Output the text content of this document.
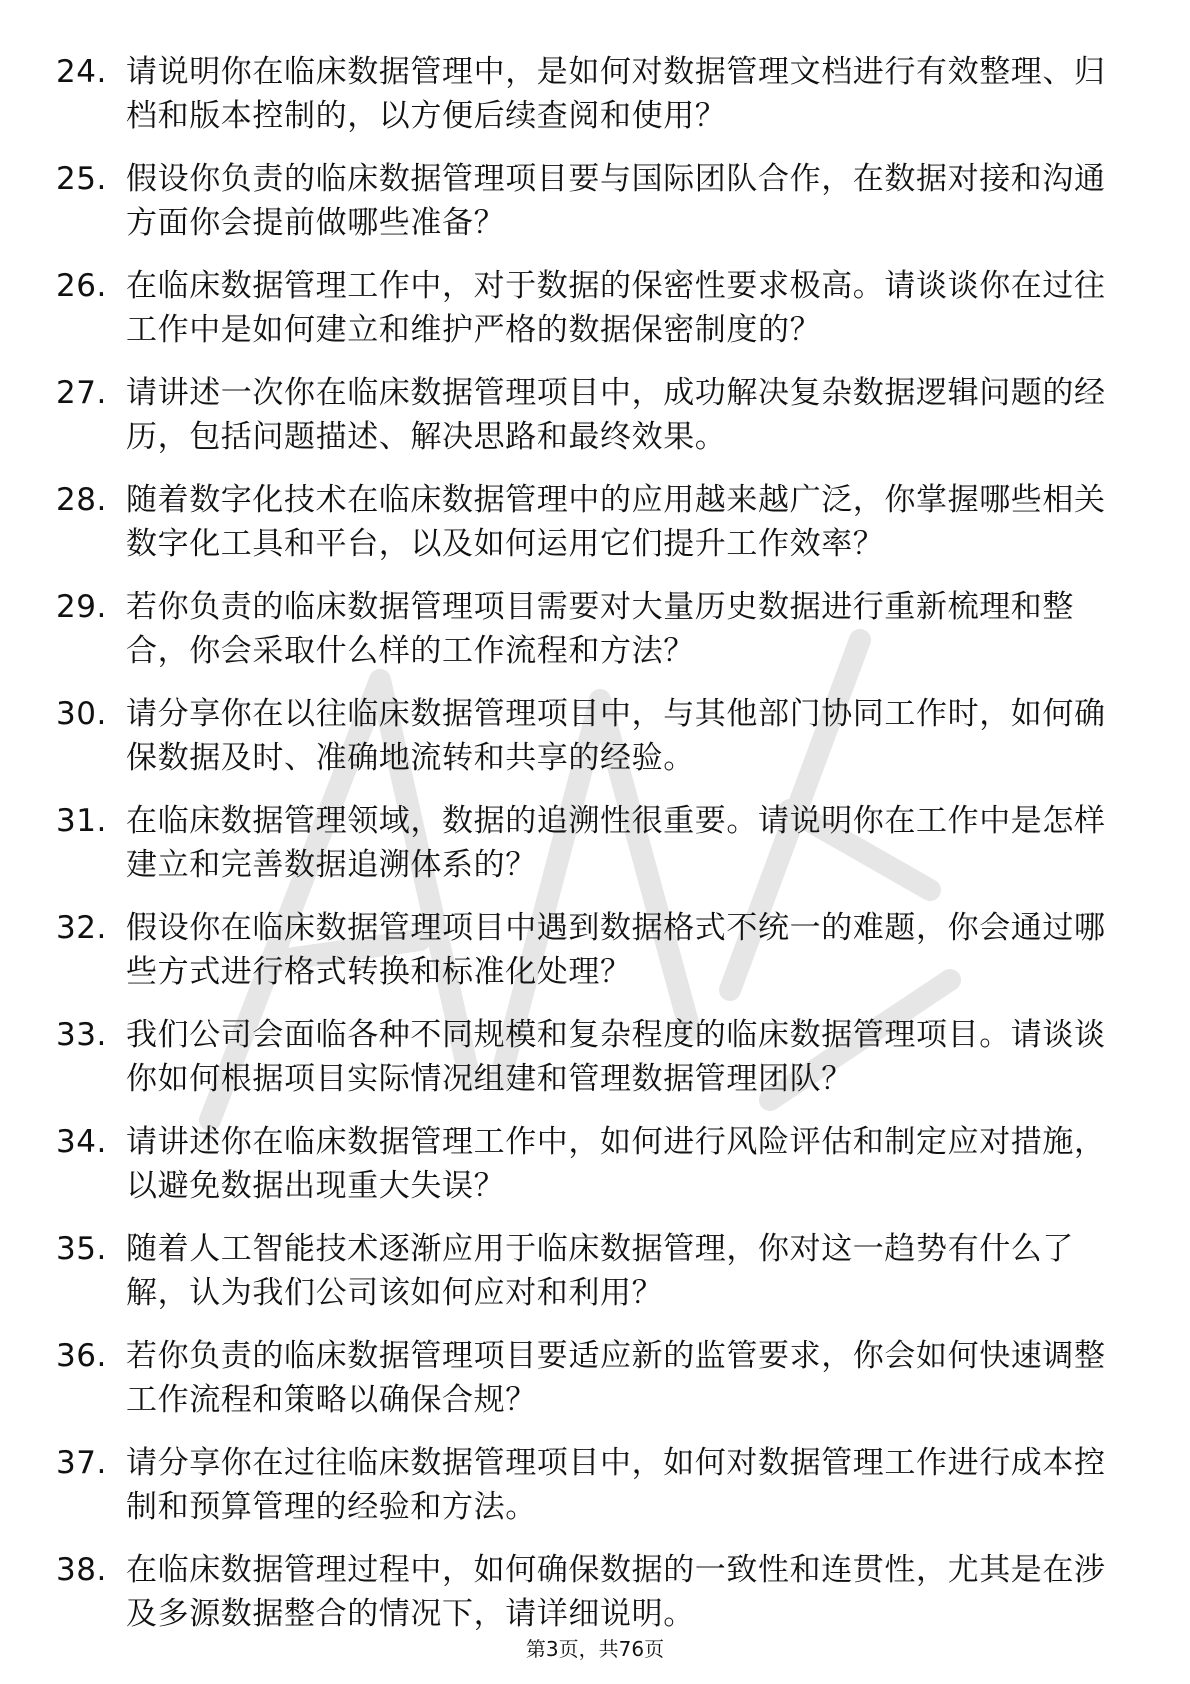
24. 请说明你在临床数据管理中，是如何对数据管理文档进行有效整理、归档和版本控制的，以方便后续查阅和使用？
25. 假设你负责的临床数据管理项目要与国际团队合作，在数据对接和沟通方面你会提前做哪些准备？
26. 在临床数据管理工作中，对于数据的保密性要求极高。请谈谈你在过往工作中是如何建立和维护严格的数据保密制度的？
27. 请讲述一次你在临床数据管理项目中，成功解决复杂数据逻辑问题的经历，包括问题描述、解决思路和最终效果。
28. 随着数字化技术在临床数据管理中的应用越来越广泛，你掌握哪些相关数字化工具和平台，以及如何运用它们提升工作效率？
29. 若你负责的临床数据管理项目需要对大量历史数据进行重新梳理和整合，你会采取什么样的工作流程和方法？
30. 请分享你在以往临床数据管理项目中，与其他部门协同工作时，如何确保数据及时、准确地流转和共享的经验。
31. 在临床数据管理领域，数据的追溯性很重要。请说明你在工作中是怎样建立和完善数据追溯体系的？
32. 假设你在临床数据管理项目中遇到数据格式不统一的难题，你会通过哪些方式进行格式转换和标准化处理？
33. 我们公司会面临各种不同规模和复杂程度的临床数据管理项目。请谈谈你如何根据项目实际情况组建和管理数据管理团队？
34. 请讲述你在临床数据管理工作中，如何进行风险评估和制定应对措施，以避免数据出现重大失误？
35. 随着人工智能技术逐渐应用于临床数据管理，你对这一趋势有什么了解，认为我们公司该如何应对和利用？
36. 若你负责的临床数据管理项目要适应新的监管要求，你会如何快速调整工作流程和策略以确保合规？
37. 请分享你在过往临床数据管理项目中，如何对数据管理工作进行成本控制和预算管理的经验和方法。
38. 在临床数据管理过程中，如何确保数据的一致性和连贯性，尤其是在涉及多源数据整合的情况下，请详细说明。
第3页，共76页
